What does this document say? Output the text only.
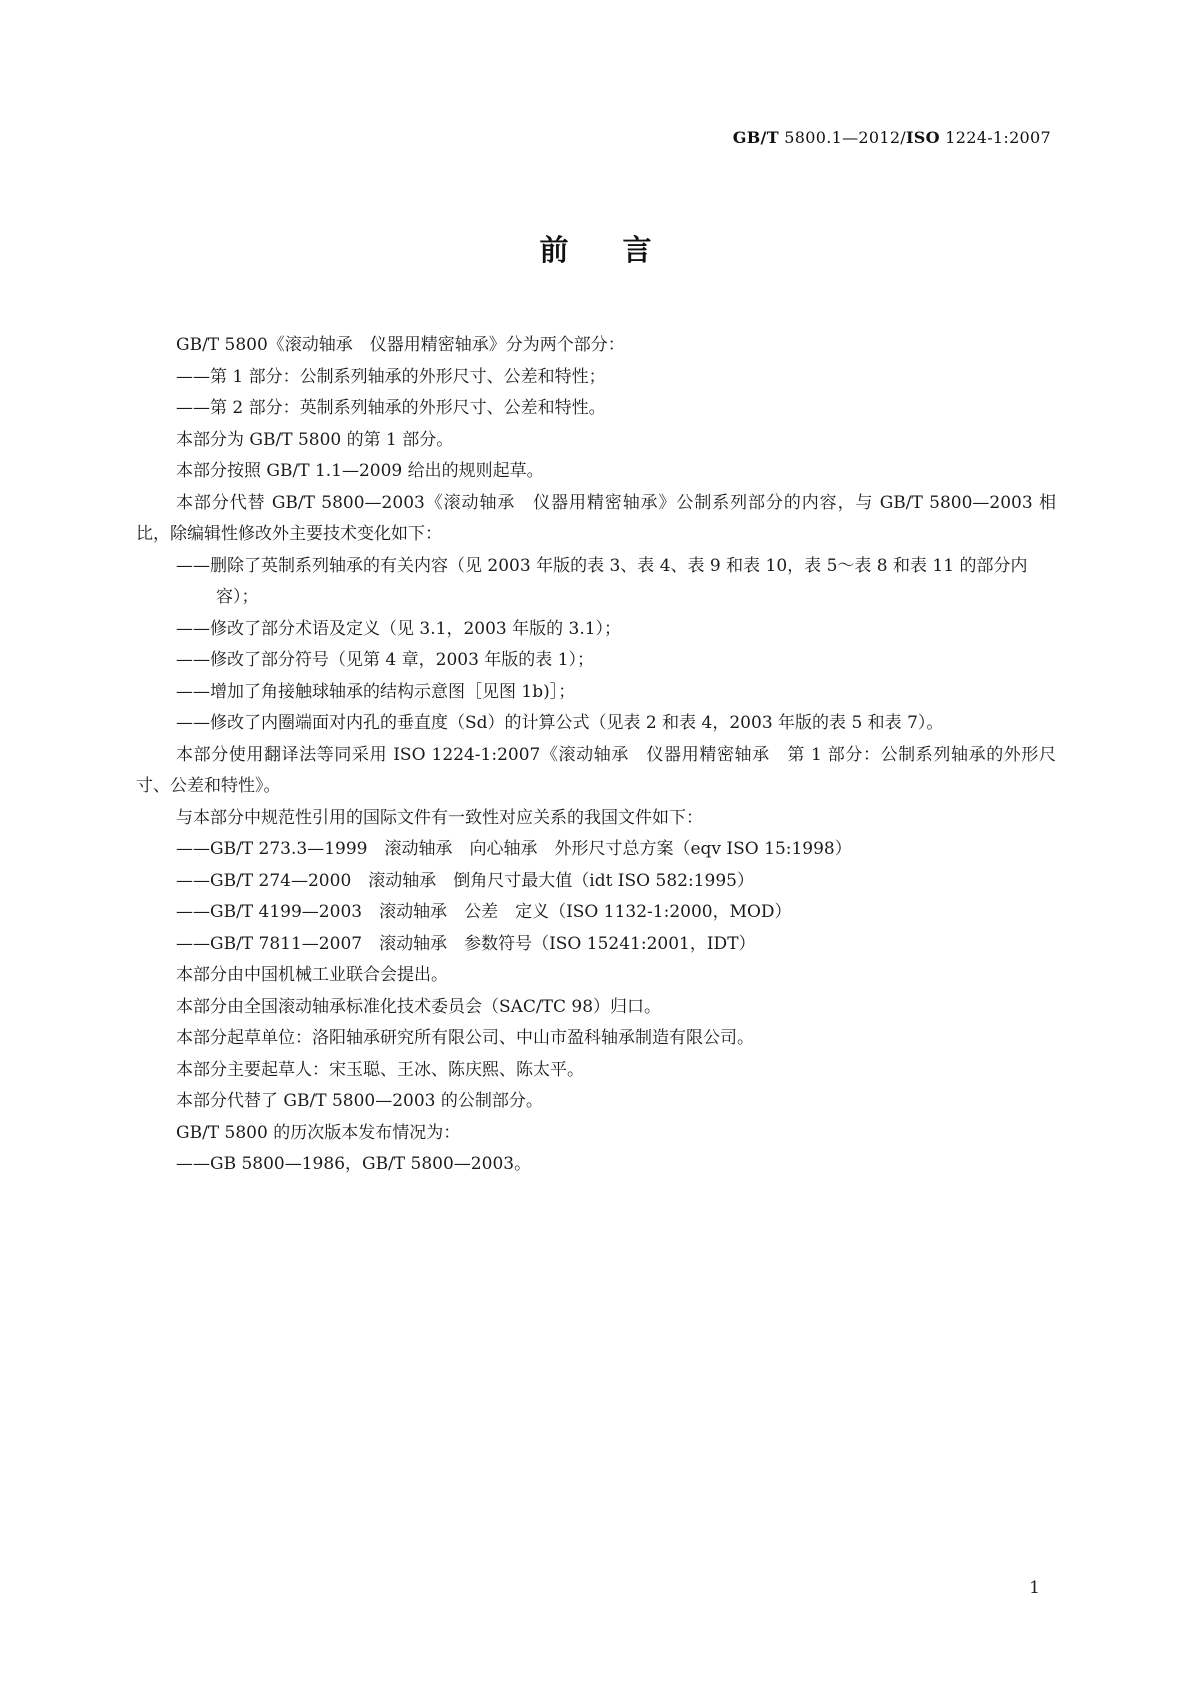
GB/T 5800.1—2012/ISO 1224-1:2007
前言

GB/T 5800《滚动轴承　仪器用精密轴承》分为两个部分：

——第 1 部分：公制系列轴承的外形尺寸、公差和特性；

——第 2 部分：英制系列轴承的外形尺寸、公差和特性。

本部分为 GB/T 5800 的第 1 部分。

本部分按照 GB/T 1.1—2009 给出的规则起草。

本部分代替 GB/T 5800—2003《滚动轴承　仪器用精密轴承》公制系列部分的内容，与 GB/T 5800—2003 相比，除编辑性修改外主要技术变化如下：

——删除了英制系列轴承的有关内容（见 2003 年版的表 3、表 4、表 9 和表 10，表 5～表 8 和表 11 的部分内容）；

——修改了部分术语及定义（见 3.1，2003 年版的 3.1）；

——修改了部分符号（见第 4 章，2003 年版的表 1）；

——增加了角接触球轴承的结构示意图［见图 1b)］；

——修改了内圈端面对内孔的垂直度（Sd）的计算公式（见表 2 和表 4，2003 年版的表 5 和表 7）。

本部分使用翻译法等同采用 ISO 1224-1:2007《滚动轴承　仪器用精密轴承　第 1 部分：公制系列轴承的外形尺寸、公差和特性》。

与本部分中规范性引用的国际文件有一致性对应关系的我国文件如下：

——GB/T 273.3—1999　滚动轴承　向心轴承　外形尺寸总方案（eqv ISO 15:1998）

——GB/T 274—2000　滚动轴承　倒角尺寸最大值（idt ISO 582:1995）

——GB/T 4199—2003　滚动轴承　公差　定义（ISO 1132-1:2000，MOD）

——GB/T 7811—2007　滚动轴承　参数符号（ISO 15241:2001，IDT）

本部分由中国机械工业联合会提出。

本部分由全国滚动轴承标准化技术委员会（SAC/TC 98）归口。

本部分起草单位：洛阳轴承研究所有限公司、中山市盈科轴承制造有限公司。

本部分主要起草人：宋玉聪、王冰、陈庆熙、陈太平。

本部分代替了 GB/T 5800—2003 的公制部分。

GB/T 5800 的历次版本发布情况为：

——GB 5800—1986，GB/T 5800—2003。

1
